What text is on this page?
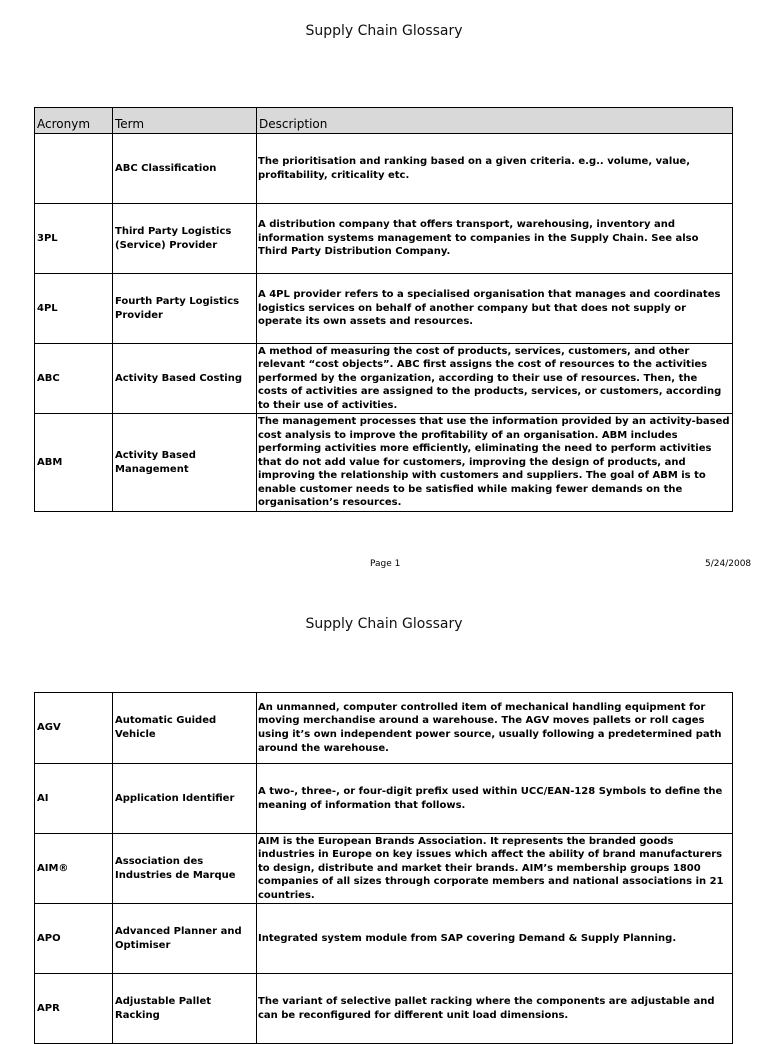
Supply Chain Glossary
Acronym	Term	Description
	ABC Classification	The prioritisation and ranking based on a given criteria. e.g.. volume, value, profitability, criticality etc.
3PL	Third Party Logistics (Service) Provider	A distribution company that offers transport, warehousing, inventory and information systems management to companies in the Supply Chain. See also Third Party Distribution Company.
4PL	Fourth Party Logistics Provider	A 4PL provider refers to a specialised organisation that manages and coordinates logistics services on behalf of another company but that does not supply or operate its own assets and resources.
ABC	Activity Based Costing	A method of measuring the cost of products, services, customers, and other relevant “cost objects”. ABC first assigns the cost of resources to the activities performed by the organization, according to their use of resources. Then, the costs of activities are assigned to the products, services, or customers, according to their use of activities.
ABM	Activity Based Management	The management processes that use the information provided by an activity-based cost analysis to improve the profitability of an organisation. ABM includes performing activities more efficiently, eliminating the need to perform activities that do not add value for customers, improving the design of products, and improving the relationship with customers and suppliers. The goal of ABM is to enable customer needs to be satisfied while making fewer demands on the organisation’s resources.
Page 1	5/24/2008
Supply Chain Glossary
AGV	Automatic Guided Vehicle	An unmanned, computer controlled item of mechanical handling equipment for moving merchandise around a warehouse. The AGV moves pallets or roll cages using it’s own independent power source, usually following a predetermined path around the warehouse.
AI	Application Identifier	A two-, three-, or four-digit prefix used within UCC/EAN-128 Symbols to define the meaning of information that follows.
AIM®	Association des Industries de Marque	AIM is the European Brands Association. It represents the branded goods industries in Europe on key issues which affect the ability of brand manufacturers to design, distribute and market their brands. AIM’s membership groups 1800 companies of all sizes through corporate members and national associations in 21 countries.
APO	Advanced Planner and Optimiser	Integrated system module from SAP covering Demand & Supply Planning.
APR	Adjustable Pallet Racking	The variant of selective pallet racking where the components are adjustable and can be reconfigured for different unit load dimensions.
